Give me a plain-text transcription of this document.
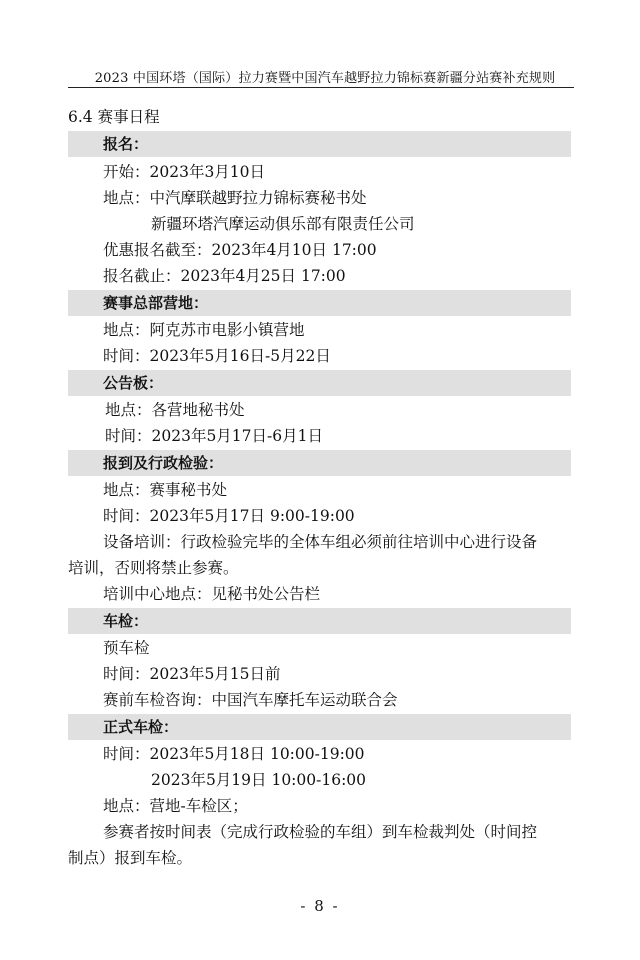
2023 中国环塔（国际）拉力赛暨中国汽车越野拉力锦标赛新疆分站赛补充规则
6.4 赛事日程
报名：
开始：2023年3月10日
地点：中汽摩联越野拉力锦标赛秘书处
新疆环塔汽摩运动俱乐部有限责任公司
优惠报名截至：2023年4月10日 17:00
报名截止：2023年4月25日 17:00
赛事总部营地：
地点：阿克苏市电影小镇营地
时间：2023年5月16日-5月22日
公告板：
地点：各营地秘书处
时间：2023年5月17日-6月1日
报到及行政检验：
地点：赛事秘书处
时间：2023年5月17日 9:00-19:00
设备培训：行政检验完毕的全体车组必须前往培训中心进行设备
培训，否则将禁止参赛。
培训中心地点：见秘书处公告栏
车检：
预车检
时间：2023年5月15日前
赛前车检咨询：中国汽车摩托车运动联合会
正式车检：
时间：2023年5月18日 10:00-19:00
2023年5月19日 10:00-16:00
地点：营地-车检区；
参赛者按时间表（完成行政检验的车组）到车检裁判处（时间控
制点）报到车检。
- 8 -
